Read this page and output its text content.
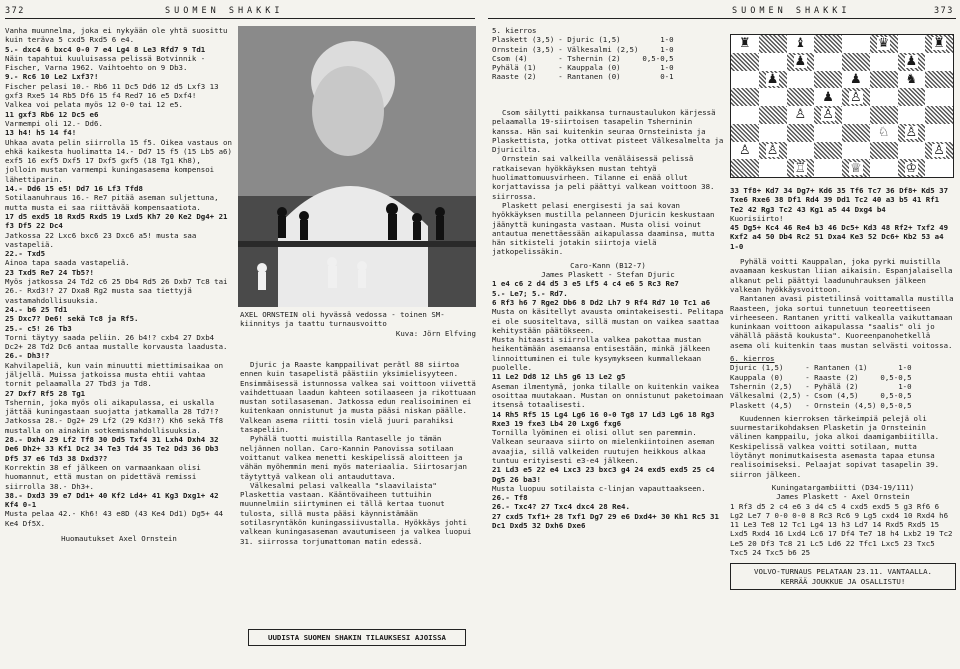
372	SUOMEN SHAKKI

Vanha muunnelma, joka ei nykyään ole yhtä suosittu kuin teräva 5 cxd5 Rxd5 6 e4.

5.- dxc4 6 bxc4 0-0 7 e4 Lg4 8 Le3 Rfd7 9 Td1

Näin tapahtui kuuluisassa pelissä Botvinnik - Fischer, Varna 1962. Vaihtoehto on 9 Db3.

9.- Rc6 10 Le2 Lxf3?!

Fischer pelasi 10.- Rb6 11 Dc5 Dd6 12 d5 Lxf3 13 gxf3 Rxe5 14 Rb5 Df6 15 f4 Red7 16 e5 Dxf4!

Valkea voi pelata myös 12 0-0 tai 12 e5.

11 gxf3 Rb6 12 Dc5 e6

Varmempi oli 12.- Dd6.

13 h4! h5 14 f4!

Uhkaa avata pelin siirrolla 15 f5. Oikea vastaus on ehkä kaikesta huolimatta 14.- Dd7 15 f5 (15 Lb5 a6) exf5 16 exf5 Dxf5 17 Dxf5 gxf5 (18 Tg1 Kh8), jolloin mustan varmempi kuningasasema kompensoi lähettiparin.

14.- Dd6 15 e5! Dd7 16 Lf3 Tfd8

Sotilaanuhraus 16.- Re7 pitää aseman suljettuna, mutta musta ei saa riittävää kompensaatiota.

17 d5 exd5 18 Rxd5 Rxd5 19 Lxd5 Kh7 20 Ke2 Dg4+ 21 f3 Df5 22 Dc4

Jatkossa 22 Lxc6 bxc6 23 Dxc6 a5! musta saa vastapeliä.

22.- Txd5

Ainoa tapa saada vastapeliä.

23 Txd5 Re7 24 Tb5?!

Myös jatkossa 24 Td2 c6 25 Db4 Rd5 26 Dxb7 Tc8 tai 26.- Rxd3!? 27 Dxa8 Rg2 musta saa tiettyjä vastamahdollisuuksia.

24.- b6 25 Td1

25 Dxc7? De6! sekä Tc8 ja Rf5.

25.- c5! 26 Tb3

Torni täytyy saada peliin. 26 b4!? cxb4 27 Dxb4 Dc2+ 28 Td2 Dc6 antaa mustalle korvausta laadusta.

26.- Dh3!?

Kahvilapeliä, kun vain minuutti miettimisaikaa on jäljellä. Muissa jatkoissa musta ehtii vahtaa tornit pelaamalla 27 Tbd3 ja Td8.

27 Dxf7 Rf5 28 Tg1

Tshernin, joka myös oli aikapulassa, ei uskalla jättää kuningastaan suojatta jatkamalla 28 Td7!? Jatkossa 28.- Dg2+ 29 Lf2 (29 Kd3!?) Kh6 sekä Tf8 mustalla on ainakin sotkemismahdollisuuksia.

28.- Dxh4 29 Lf2 Tf8 30 Dd5 Txf4 31 Lxh4 Dxh4 32 De6 Dh2+ 33 Kf1 Dc2 34 Te3 Td4 35 Te2 Dd3 36 Db3 Df5 37 e6 Td3 38 Dxd3??

Korrektin 38 ef jälkeen on varmaankaan olisi huomannut, että mustan on pidettävä remissi siirrolla 38.- Dh3+.

38.- Dxd3 39 e7 Dd1+ 40 Kf2 Ld4+ 41 Kg3 Dxg1+ 42 Kf4 0-1

Musta pelaa 42.- Kh6! 43 e8D (43 Ke4 Dd1) Dg5+ 44 Ke4 Df5X.

Huomautukset Axel Ornstein

AXEL ORNSTEIN oli hyvässä vedossa - toinen SM-kiinnitys ja taattu turnausvoitto

Kuva: Jörn Elfving

Djuric ja Raaste kamppailivat perätl 88 siirtoa ennen kuin tasapelistä päästiin yksimielisyyteen. Ensimmäisessä istunnossa valkea sai voittoon viivettä vaihdettuaan laadun kahteen sotilaaseen ja rikottuaan mustan sotilasaseman. Jatkossa edun realisoiminen ei kuitenkaan onnistunut ja musta pääsi niskan päälle. Valkean asema riitti tosin vielä juuri parahiksi tasapeliin.

Pyhälä tuotti muistilla Rantaselle jo tämän neljännen nollan. Caro-Kannin Panovissa sotilaan voittanut valkea menetti keskipelissä aloitteen ja vähän myöhemmin meni myös materiaalia. Siirtosarjan täytyttyä valkean oli antauduttava.

Välkesalmi pelasi valkealla "slaavilaista" Plaskettia vastaan. Kääntövaiheen tuttuihin muunnelmiin siirtyminen ei tällä kertaa tuonut tulosta, sillä musta pääsi käynnistämään sotilasryntäkön kuningassiivustalla. Hyökkäys johti valkean kuningasaseman avautumiseen ja valkea luopui 31. siirrossa torjumattoman matin edessä.

UUDISTA SUOMEN SHAKIN TILAUKSESI AJOISSA
SUOMEN SHAKKI	373

5. kierros

Plaskett (3,5)	- Djuric (1,5)	1-0
Ornstein (3,5)	- Välkesalmi (2,5)	1-0
Csom (4)	- Tshernin (2)	0,5-0,5
Pyhälä (1)	- Kauppala (0)	1-0
Raaste (2)	- Rantanen (0)	0-1
♜	♝	♛	♜
♟	♟
♟	♟	♞
♟ ♙
♙ ♙
♘ ♙
♙ ♙	♙
♖	♕	♔

Csom säilytti paikkansa turnaustaulukon kärjessä pelaamalla 19-siirtoisen tasapelin Tsherninin kanssa. Hän sai kuitenkin seuraa Ornsteinista ja Plaskettista, jotka ottivat pisteet Välkesalmelta ja Djuricilta.

Ornstein sai valkeilla venäläisessä pelissä ratkaisevan hyökkäyksen mustan tehtyä huolimattomuusvirheen. Tilanne ei enää ollut korjattavissa ja peli päättyi valkean voittoon 38. siirrossa.

Plaskett pelasi energisesti ja sai kovan hyökkäyksen mustilla pelanneen Djuricin keskustaan jäänyttä kuningasta vastaan. Musta olisi voinut antautua menettäessään aikapulassa daaminsa, mutta hän sitkisteli jotakin siirtoja vielä jatkopelissäkin.

Caro-Kann (B12-7)

James Plaskett - Stefan Djuric

1 e4 c6 2 d4 d5 3 e5 Lf5 4 c4 e6 5 Rc3 Re7

5.- Le7; 5.- Rd7.

6 Rf3 h6 7 Rge2 Db6 8 Dd2 Lh7 9 Rf4 Rd7 10 Tc1 a6

Musta on käsitellyt avausta omintakeisesti. Pelitapa ei ole suositeltava, sillä mustan on vaikea saattaa kehitystään päätökseen.

Musta hitaasti siirrolla valkea pakottaa mustan heikentämään asemaansa entisestään, minkä jälkeen linnoittuminen ei tule kysymykseen kummallekaan puolelle.

11 Le2 Dd8 12 Lh5 g6 13 Le2 g5

Aseman ilmentymä, jonka tilalle on kuitenkin vaikea osoittaa muutakaan. Mustan on onnistunut paketoimaan itsensä totaalisesti.

14 Rh5 Rf5 15 Lg4 Lg6 16 0-0 Tg8 17 Ld3 Lg6 18 Rg3 Rxe3 19 fxe3 Lb4 20 Lxg6 fxg6

Tornilla lyöminen ei olisi ollut sen paremmin. Valkean seuraava siirto on mielenkiintoinen aseman avaajia, sillä valkeiden ruutujen heikkous alkaa tuntuu erityisesti e3-e4 jälkeen.

21 Ld3 e5 22 e4 Lxc3 23 bxc3 g4 24 exd5 exd5 25 c4 Dg5 26 ba3!

Musta luopuu sotilaista c-linjan vapauttaakseen.

26.- Tf8

26.- Txc4? 27 Txc4 dxc4 28 Re4.

27 cxd5 Txf1+ 28 Txf1 Dg7 29 e6 Dxd4+ 30 Kh1 Rc5 31 Dc1 Dxd5 32 Dxh6 Dxe6

33 Tf8+ Kd7 34 Dg7+ Kd6 35 Tf6 Tc7 36 Df8+ Kd5 37 Txe6 Rxe6 38 Df1 Rd4 39 Dd1 Tc2 40 a3 b5 41 Rf1 Te2 42 Rg3 Tc2 43 Kg1 a5 44 Dxg4 b4

Kuorisiirto!

45 Dg5+ Kc4 46 Re4 b3 46 Dc5+ Kd3 48 Rf2+ Txf2 49 Kxf2 a4 50 Db4 Rc2 51 Dxa4 Ke3 52 Dc6+ Kb2 53 a4 1-0

Pyhälä voitti Kauppalan, joka pyrki muistilla avaamaan keskustan liian aikaisin. Espanjalaisella alkanut peli päättyi laadunuhrauksen jälkeen valkean hyökkäysvoittoon.

Rantanen avasi pistetilinsä voittamalla mustilla Raasteen, joka sortui tunnetuun teoreettiseen virheeseen. Rantanen yritti valkealla vaikuttamaan kuninkaan voittoon aikapulassa "saalis" oli jo vähällä päästä koukusta". Kuoreenpanohetkellä asema oli kuitenkin taas mustan selvästi voitossa.

6. kierros

Djuric (1,5)	- Rantanen (1)	1-0
Kauppala (0)	- Raaste (2)	0,5-0,5
Tshernin (2,5)	- Pyhälä (2)	1-0
Välkesalmi (2,5)	- Csom (4,5)	0,5-0,5
Plaskett (4,5)	- Ornstein (4,5)	0,5-0,5

Kuudennen kierroksen tärkeimpiä pelejä oli suurmestarikohdaksen Plasketin ja Ornsteinin välinen kamppailu, joka alkoi daamigambiitilla. Keskipelissä valkea voitti sotilaan, mutta löytänyt monimutkaisesta asemasta tapaa etunsa realisoimiseksi. Pelaajat sopivat tasapelin 39. siirron jälkeen.

Kuningatargambiitti (D34-19/111)

James Plaskett - Axel Ornstein

1 Rf3 d5 2 c4 e6 3 d4 c5 4 cxd5 exd5 5 g3 Rf6 6 Lg2 Le7 7 0-0 0-0 8 Rc3 Rc6 9 Lg5 cxd4 10 Rxd4 h6 11 Le3 Te8 12 Tc1 Lg4 13 h3 Ld7 14 Rxd5 Rxd5 15 Lxd5 Rxd4 16 Lxd4 Lc6 17 Df4 Te7 18 h4 Lxb2 19 Tc2 Le5 20 Df3 Tc8 21 Lc5 Ld6 22 Tfc1 Lxc5 23 Txc5 Txc5 24 Txc5 b6 25

VOLVO-TURNAUS PELATAAN 23.11. VANTAALLA.

KERRÄÄ JOUKKUE JA OSALLISTU!
